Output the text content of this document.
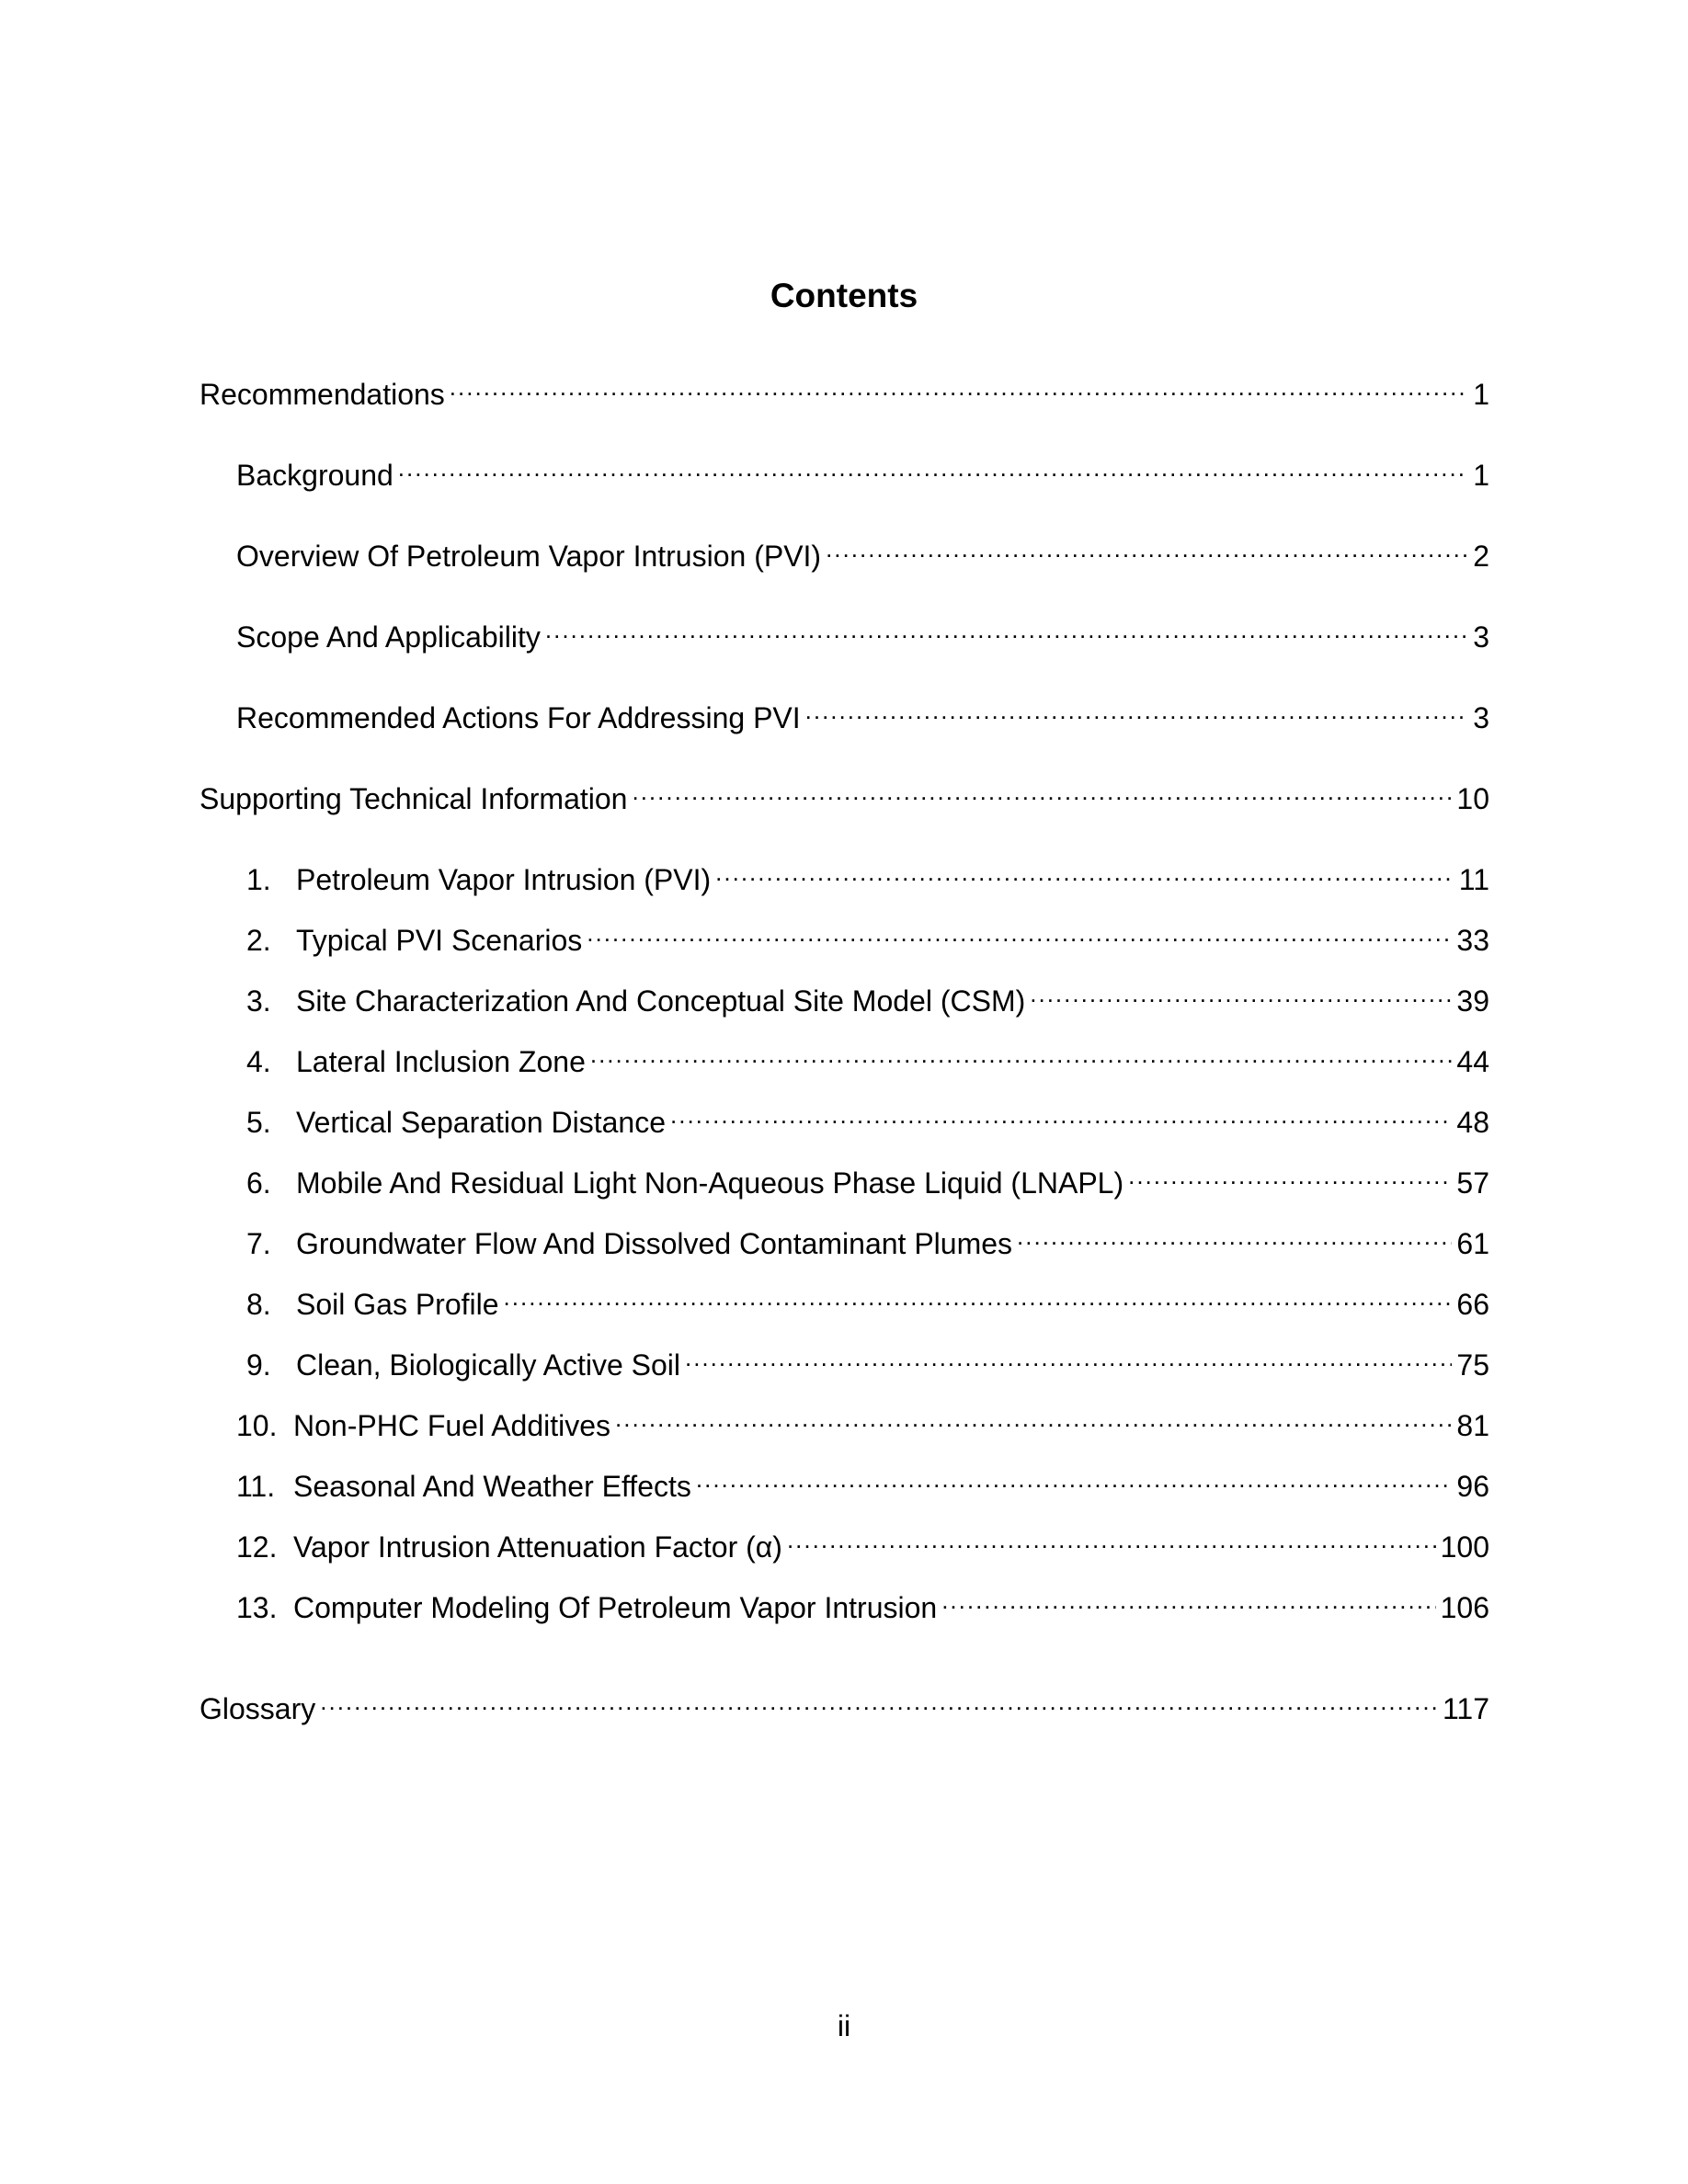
Contents
Recommendations .....	1
Background .....	1
Overview Of Petroleum Vapor Intrusion (PVI) .....	2
Scope And Applicability .....	3
Recommended Actions For Addressing PVI .....	3
Supporting Technical Information .....	10
1. Petroleum Vapor Intrusion (PVI) .....	11
2. Typical PVI Scenarios .....	33
3. Site Characterization And Conceptual Site Model (CSM) .....	39
4. Lateral Inclusion Zone .....	44
5. Vertical Separation Distance .....	48
6. Mobile And Residual Light Non-Aqueous Phase Liquid (LNAPL) .....	57
7. Groundwater Flow And Dissolved Contaminant Plumes .....	61
8. Soil Gas Profile .....	66
9. Clean, Biologically Active Soil .....	75
10. Non-PHC Fuel Additives .....	81
11. Seasonal And Weather Effects .....	96
12. Vapor Intrusion Attenuation Factor (α) .....	100
13. Computer Modeling Of Petroleum Vapor Intrusion .....	106
Glossary .....	117
ii
